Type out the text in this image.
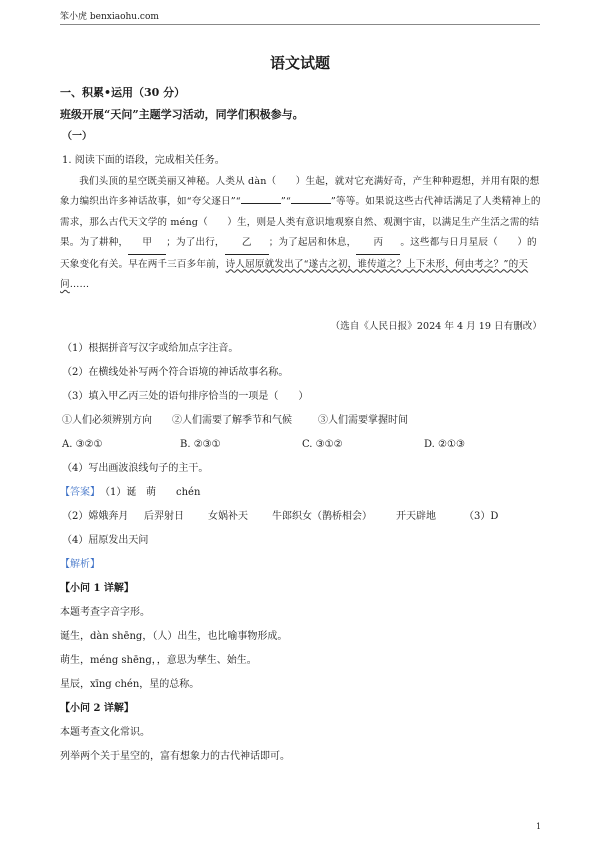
笨小虎 benxiaohu.com
语文试题
一、积累•运用（30 分）
班级开展“天问”主题学习活动，同学们积极参与。
（一）
1. 阅读下面的语段，完成相关任务。
我们头顶的星空既美丽又神秘。人类从 dàn（　　）生起，就对它充满好奇，产生种种遐想，并用有限的想象力编织出许多神话故事，如“夸父逐日”“	”“	”等等。如果说这些古代神话满足了人类精神上的需求，那么古代天文学的 méng（　　）生，则是人类有意识地观察自然、观测宇宙，以满足生产生活之需的结果。为了耕种， 甲 ；为了出行， 乙 ；为了起居和休息， 丙 。这些都与日月星辰（　　）的天象变化有关。早在两千三百多年前，诗人屈原就发出了“遂古之初，谁传道之？上下未形，何由考之？”的天问……
（选自《人民日报》2024 年 4 月 19 日有删改）
（1）根据拼音写汉字或给加点字注音。
（2）在横线处补写两个符合语境的神话故事名称。
（3）填入甲乙丙三处的语句排序恰当的一项是（　　）
①人们必须辨别方向 ②人们需要了解季节和气候	③人们需要掌握时间
A. ③②①	B. ②③①	C. ③①②	D. ②①③
（4）写出画波浪线句子的主干。
【答案】 （1）诞 萌 chén
（2）嫦娥奔月 后羿射日 女娲补天 牛郎织女（鹊桥相会） 开天辟地	（3）D
（4）屈原发出天问
【解析】
【小问 1 详解】
本题考查字音字形。
诞生，dàn shēng，（人）出生，也比喻事物形成。
萌生，méng shēng，，意思为孳生、始生。
星辰，xīng chén，星的总称。
【小问 2 详解】
本题考查文化常识。
列举两个关于星空的，富有想象力的古代神话即可。
1
